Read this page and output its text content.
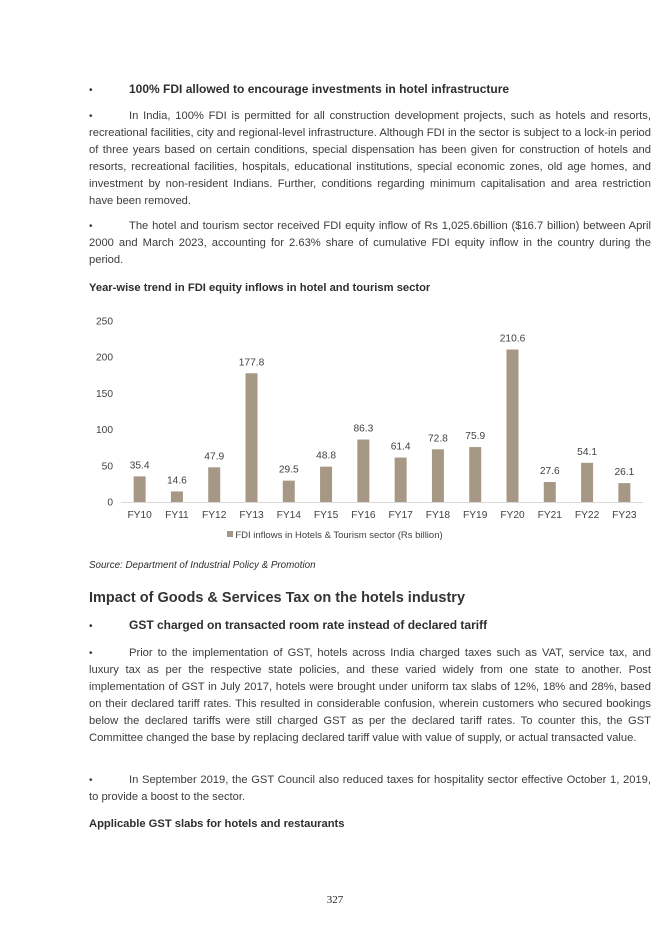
•	100% FDI allowed to encourage investments in hotel infrastructure
•	In India, 100% FDI is permitted for all construction development projects, such as hotels and resorts, recreational facilities, city and regional-level infrastructure. Although FDI in the sector is subject to a lock-in period of three years based on certain conditions, special dispensation has been given for construction of hotels and resorts, recreational facilities, hospitals, educational institutions, special economic zones, old age homes, and investment by non-resident Indians. Further, conditions regarding minimum capitalisation and area restriction have been removed.
•	The hotel and tourism sector received FDI equity inflow of Rs 1,025.6billion ($16.7 billion) between April 2000 and March 2023, accounting for 2.63% share of cumulative FDI equity inflow in the country during the period.
Year-wise trend in FDI equity inflows in hotel and tourism sector
0
50
100
150
200
250
35.4
14.6
47.9
177.8
29.5
48.8
86.3
61.4
72.8 75.9
210.6
27.6
54.1
26.1
FY10 FY11 FY12 FY13 FY14 FY15 FY16 FY17 FY18 FY19 FY20 FY21 FY22 FY23
FDI inflows in Hotels & Tourism sector (Rs billion)
Source: Department of Industrial Policy & Promotion
Impact of Goods & Services Tax on the hotels industry
•	GST charged on transacted room rate instead of declared tariff
•	Prior to the implementation of GST, hotels across India charged taxes such as VAT, service tax, and luxury tax as per the respective state policies, and these varied widely from one state to another. Post implementation of GST in July 2017, hotels were brought under uniform tax slabs of 12%, 18% and 28%, based on their declared tariff rates. This resulted in considerable confusion, wherein customers who secured bookings below the declared tariffs were still charged GST as per the declared tariff rates. To counter this, the GST Committee changed the base by replacing declared tariff value with value of supply, or actual transacted value.
•	In September 2019, the GST Council also reduced taxes for hospitality sector effective October 1, 2019, to provide a boost to the sector.
Applicable GST slabs for hotels and restaurants
327
